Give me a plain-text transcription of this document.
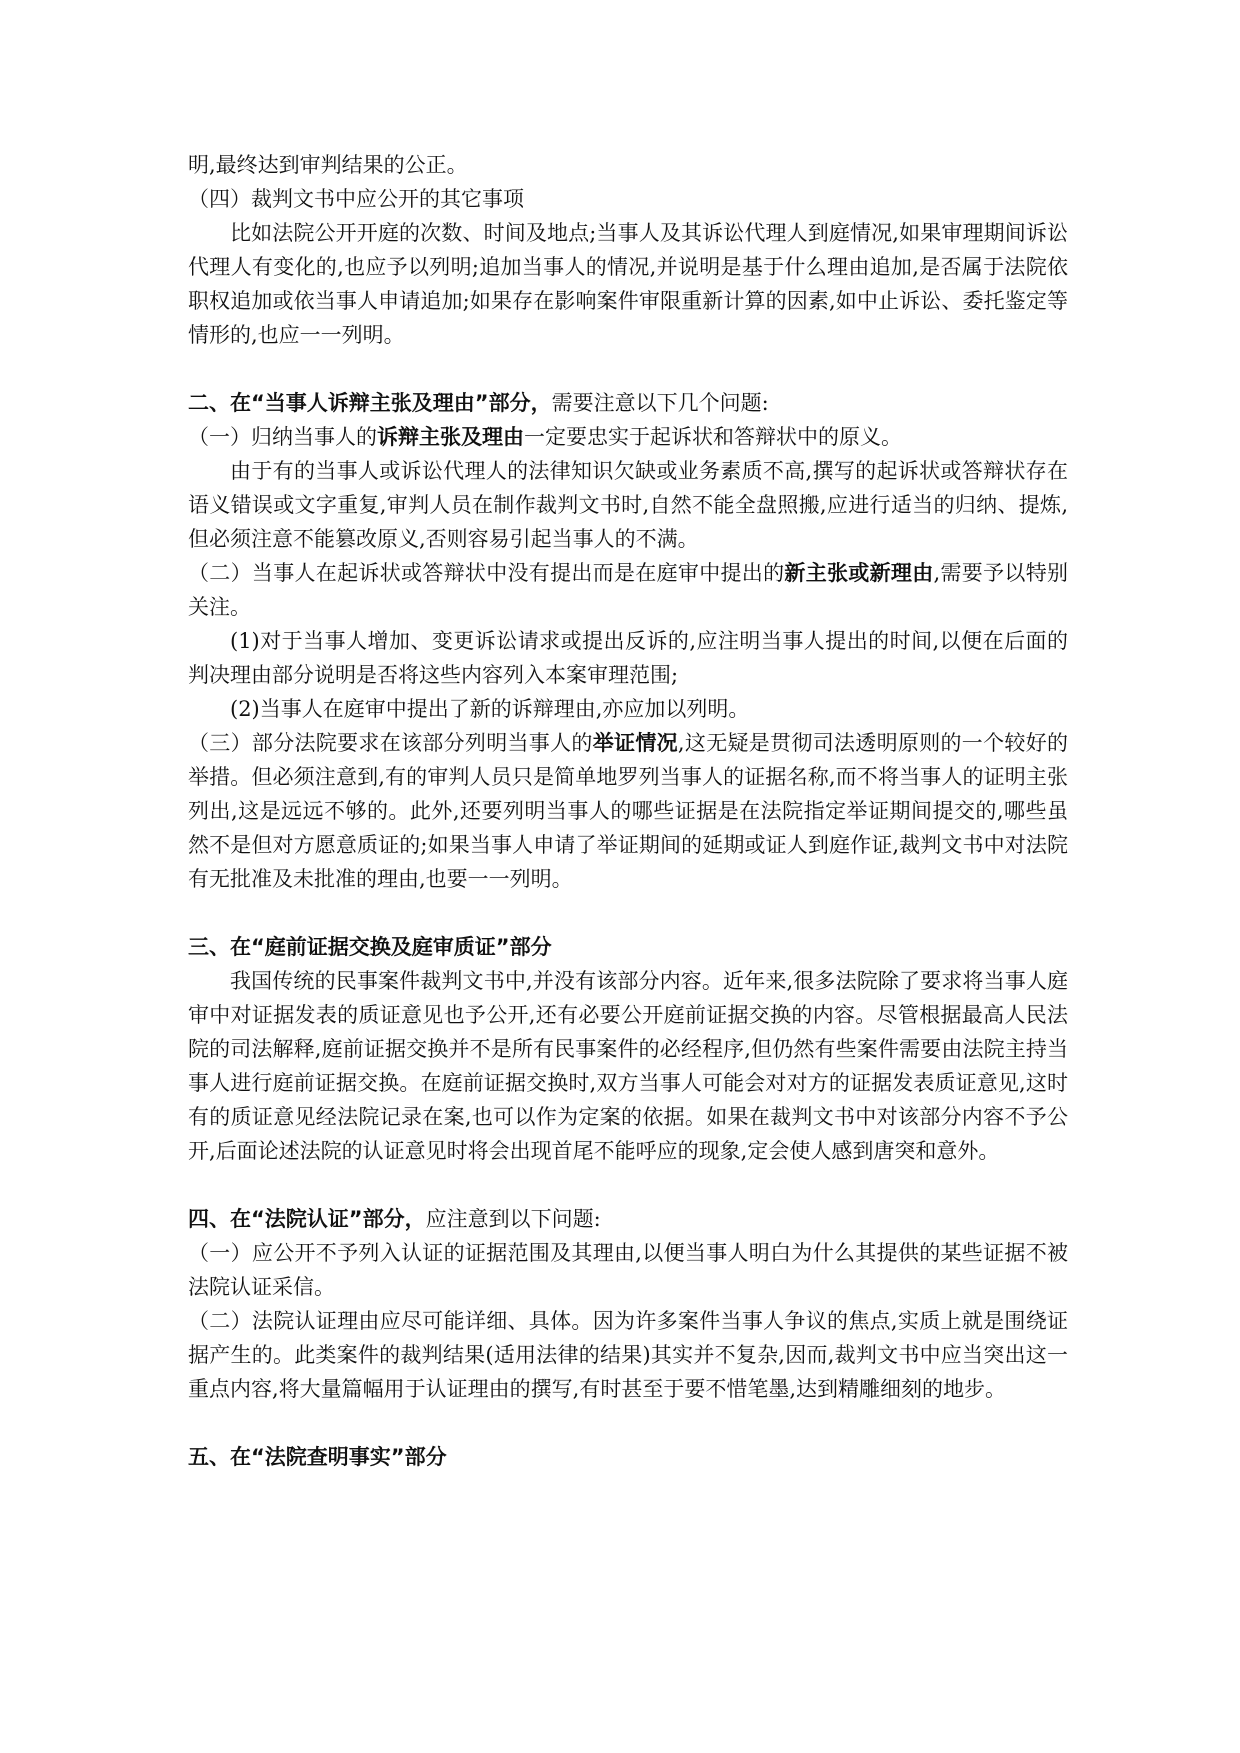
明,最终达到审判结果的公正。

（四）裁判文书中应公开的其它事项

比如法院公开开庭的次数、时间及地点;当事人及其诉讼代理人到庭情况,如果审理期间诉讼代理人有变化的,也应予以列明;追加当事人的情况,并说明是基于什么理由追加,是否属于法院依职权追加或依当事人申请追加;如果存在影响案件审限重新计算的因素,如中止诉讼、委托鉴定等情形的,也应一一列明。

二、在“当事人诉辩主张及理由”部分，需要注意以下几个问题:

（一）归纳当事人的诉辩主张及理由一定要忠实于起诉状和答辩状中的原义。

由于有的当事人或诉讼代理人的法律知识欠缺或业务素质不高,撰写的起诉状或答辩状存在语义错误或文字重复,审判人员在制作裁判文书时,自然不能全盘照搬,应进行适当的归纳、提炼,但必须注意不能篡改原义,否则容易引起当事人的不满。

（二）当事人在起诉状或答辩状中没有提出而是在庭审中提出的新主张或新理由,需要予以特别关注。

(1)对于当事人增加、变更诉讼请求或提出反诉的,应注明当事人提出的时间,以便在后面的判决理由部分说明是否将这些内容列入本案审理范围;

(2)当事人在庭审中提出了新的诉辩理由,亦应加以列明。

（三）部分法院要求在该部分列明当事人的举证情况,这无疑是贯彻司法透明原则的一个较好的举措。但必须注意到,有的审判人员只是简单地罗列当事人的证据名称,而不将当事人的证明主张列出,这是远远不够的。此外,还要列明当事人的哪些证据是在法院指定举证期间提交的,哪些虽然不是但对方愿意质证的;如果当事人申请了举证期间的延期或证人到庭作证,裁判文书中对法院有无批准及未批准的理由,也要一一列明。

三、在“庭前证据交换及庭审质证”部分

我国传统的民事案件裁判文书中,并没有该部分内容。近年来,很多法院除了要求将当事人庭审中对证据发表的质证意见也予公开,还有必要公开庭前证据交换的内容。尽管根据最高人民法院的司法解释,庭前证据交换并不是所有民事案件的必经程序,但仍然有些案件需要由法院主持当事人进行庭前证据交换。在庭前证据交换时,双方当事人可能会对对方的证据发表质证意见,这时有的质证意见经法院记录在案,也可以作为定案的依据。如果在裁判文书中对该部分内容不予公开,后面论述法院的认证意见时将会出现首尾不能呼应的现象,定会使人感到唐突和意外。

四、在“法院认证”部分，应注意到以下问题:

（一）应公开不予列入认证的证据范围及其理由,以便当事人明白为什么其提供的某些证据不被法院认证采信。

（二）法院认证理由应尽可能详细、具体。因为许多案件当事人争议的焦点,实质上就是围绕证据产生的。此类案件的裁判结果(适用法律的结果)其实并不复杂,因而,裁判文书中应当突出这一重点内容,将大量篇幅用于认证理由的撰写,有时甚至于要不惜笔墨,达到精雕细刻的地步。

五、在“法院查明事实”部分
